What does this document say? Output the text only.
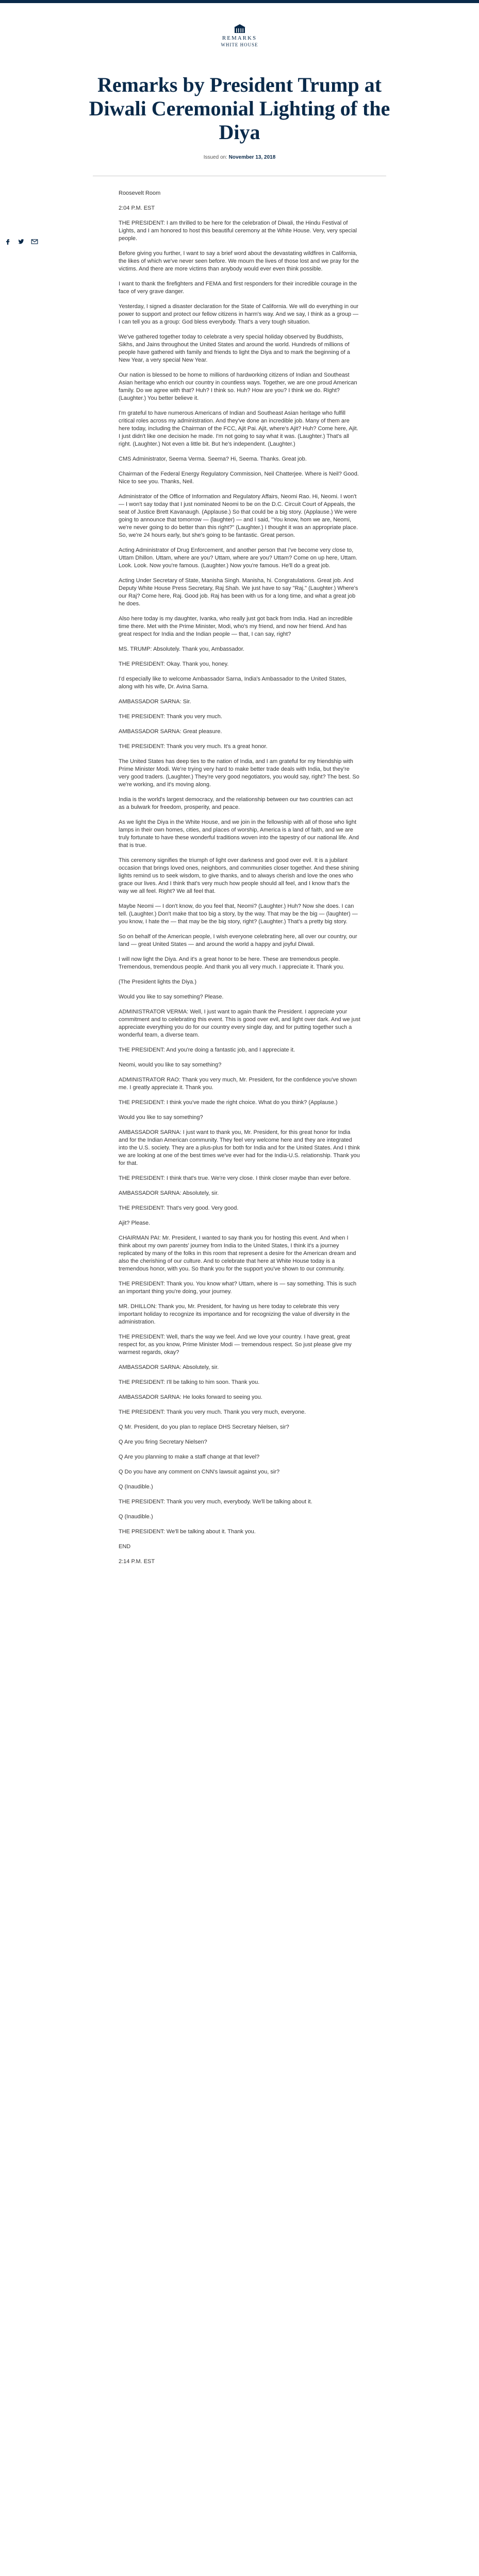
REMARKS
WHITE HOUSE
Remarks by President Trump at Diwali Ceremonial Lighting of the Diya
Issued on: November 13, 2018

Roosevelt Room

2:04 P.M. EST

THE PRESIDENT: I am thrilled to be here for the celebration of Diwali, the Hindu Festival of Lights, and I am honored to host this beautiful ceremony at the White House. Very, very special people.

Before giving you further, I want to say a brief word about the devastating wildfires in California, the likes of which we've never seen before. We mourn the lives of those lost and we pray for the victims. And there are more victims than anybody would ever even think possible.

I want to thank the firefighters and FEMA and first responders for their incredible courage in the face of very grave danger.

Yesterday, I signed a disaster declaration for the State of California. We will do everything in our power to support and protect our fellow citizens in harm's way. And we say, I think as a group — I can tell you as a group: God bless everybody. That's a very tough situation.

We've gathered together today to celebrate a very special holiday observed by Buddhists, Sikhs, and Jains throughout the United States and around the world. Hundreds of millions of people have gathered with family and friends to light the Diya and to mark the beginning of a New Year, a very special New Year.

Our nation is blessed to be home to millions of hardworking citizens of Indian and Southeast Asian heritage who enrich our country in countless ways. Together, we are one proud American family. Do we agree with that? Huh? I think so. Huh? How are you? I think we do. Right? (Laughter.) You better believe it.

I'm grateful to have numerous Americans of Indian and Southeast Asian heritage who fulfill critical roles across my administration. And they've done an incredible job. Many of them are here today, including the Chairman of the FCC, Ajit Pai. Ajit, where's Ajit? Huh? Come here, Ajit. I just didn't like one decision he made. I'm not going to say what it was. (Laughter.) That's all right. (Laughter.) Not even a little bit. But he's independent. (Laughter.)

CMS Administrator, Seema Verma. Seema? Hi, Seema. Thanks. Great job.

Chairman of the Federal Energy Regulatory Commission, Neil Chatterjee. Where is Neil? Good. Nice to see you. Thanks, Neil.

Administrator of the Office of Information and Regulatory Affairs, Neomi Rao. Hi, Neomi. I won't — I won't say today that I just nominated Neomi to be on the D.C. Circuit Court of Appeals, the seat of Justice Brett Kavanaugh. (Applause.) So that could be a big story. (Applause.) We were going to announce that tomorrow — (laughter) — and I said, "You know, hom we are, Neomi, we're never going to do better than this right?" (Laughter.) I thought it was an appropriate place. So, we're 24 hours early, but she's going to be fantastic. Great person.

Acting Administrator of Drug Enforcement, and another person that I've become very close to, Uttam Dhillon. Uttam, where are you? Uttam, where are you? Uttam? Come on up here, Uttam. Look. Look. Now you're famous. (Laughter.) Now you're famous. He'll do a great job.

Acting Under Secretary of State, Manisha Singh. Manisha, hi. Congratulations. Great job. And Deputy White House Press Secretary, Raj Shah. We just have to say "Raj." (Laughter.) Where's our Raj? Come here, Raj. Good job. Raj has been with us for a long time, and what a great job he does.

Also here today is my daughter, Ivanka, who really just got back from India. Had an incredible time there. Met with the Prime Minister, Modi, who's my friend, and now her friend. And has great respect for India and the Indian people — that, I can say, right?

MS. TRUMP: Absolutely. Thank you, Ambassador.

THE PRESIDENT: Okay. Thank you, honey.

I'd especially like to welcome Ambassador Sarna, India's Ambassador to the United States, along with his wife, Dr. Avina Sarna.

AMBASSADOR SARNA: Sir.

THE PRESIDENT: Thank you very much.

AMBASSADOR SARNA: Great pleasure.

THE PRESIDENT: Thank you very much. It's a great honor.

The United States has deep ties to the nation of India, and I am grateful for my friendship with Prime Minister Modi. We're trying very hard to make better trade deals with India, but they're very good traders. (Laughter.) They're very good negotiators, you would say, right? The best. So we're working, and it's moving along.

India is the world's largest democracy, and the relationship between our two countries can act as a bulwark for freedom, prosperity, and peace.

As we light the Diya in the White House, and we join in the fellowship with all of those who light lamps in their own homes, cities, and places of worship, America is a land of faith, and we are truly fortunate to have these wonderful traditions woven into the tapestry of our national life. And that is true.

This ceremony signifies the triumph of light over darkness and good over evil. It is a jubilant occasion that brings loved ones, neighbors, and communities closer together. And these shining lights remind us to seek wisdom, to give thanks, and to always cherish and love the ones who grace our lives. And I think that's very much how people should all feel, and I know that's the way we all feel. Right? We all feel that.

Maybe Neomi — I don't know, do you feel that, Neomi? (Laughter.) Huh? Now she does. I can tell. (Laughter.) Don't make that too big a story, by the way. That may be the big — (laughter) — you know, I hate the — that may be the big story, right? (Laughter.) That's a pretty big story.

So on behalf of the American people, I wish everyone celebrating here, all over our country, our land — great United States — and around the world a happy and joyful Diwali.

I will now light the Diya. And it's a great honor to be here. These are tremendous people. Tremendous, tremendous people. And thank you all very much. I appreciate it. Thank you.

(The President lights the Diya.)

Would you like to say something? Please.

ADMINISTRATOR VERMA: Well, I just want to again thank the President. I appreciate your commitment and to celebrating this event. This is good over evil, and light over dark. And we just appreciate everything you do for our country every single day, and for putting together such a wonderful team, a diverse team.

THE PRESIDENT: And you're doing a fantastic job, and I appreciate it.

Neomi, would you like to say something?

ADMINISTRATOR RAO: Thank you very much, Mr. President, for the confidence you've shown me. I greatly appreciate it. Thank you.

THE PRESIDENT: I think you've made the right choice. What do you think? (Applause.)

Would you like to say something?

AMBASSADOR SARNA: I just want to thank you, Mr. President, for this great honor for India and for the Indian American community. They feel very welcome here and they are integrated into the U.S. society. They are a plus-plus for both for India and for the United States. And I think we are looking at one of the best times we've ever had for the India-U.S. relationship. Thank you for that.

THE PRESIDENT: I think that's true. We're very close. I think closer maybe than ever before.

AMBASSADOR SARNA: Absolutely, sir.

THE PRESIDENT: That's very good. Very good.

Ajit? Please.

CHAIRMAN PAI: Mr. President, I wanted to say thank you for hosting this event. And when I think about my own parents' journey from India to the United States, I think it's a journey replicated by many of the folks in this room that represent a desire for the American dream and also the cherishing of our culture. And to celebrate that here at White House today is a tremendous honor, with you. So thank you for the support you've shown to our community.

THE PRESIDENT: Thank you. You know what? Uttam, where is — say something. This is such an important thing you're doing, your journey.

MR. DHILLON: Thank you, Mr. President, for having us here today to celebrate this very important holiday to recognize its importance and for recognizing the value of diversity in the administration.

THE PRESIDENT: Well, that's the way we feel. And we love your country. I have great, great respect for, as you know, Prime Minister Modi — tremendous respect. So just please give my warmest regards, okay?

AMBASSADOR SARNA: Absolutely, sir.

THE PRESIDENT: I'll be talking to him soon. Thank you.

AMBASSADOR SARNA: He looks forward to seeing you.

THE PRESIDENT: Thank you very much. Thank you very much, everyone.

Q Mr. President, do you plan to replace DHS Secretary Nielsen, sir?

Q Are you firing Secretary Nielsen?

Q Are you planning to make a staff change at that level?

Q Do you have any comment on CNN's lawsuit against you, sir?

Q (Inaudible.)

THE PRESIDENT: Thank you very much, everybody. We'll be talking about it.

Q (Inaudible.)

THE PRESIDENT: We'll be talking about it. Thank you.

END

2:14 P.M. EST
